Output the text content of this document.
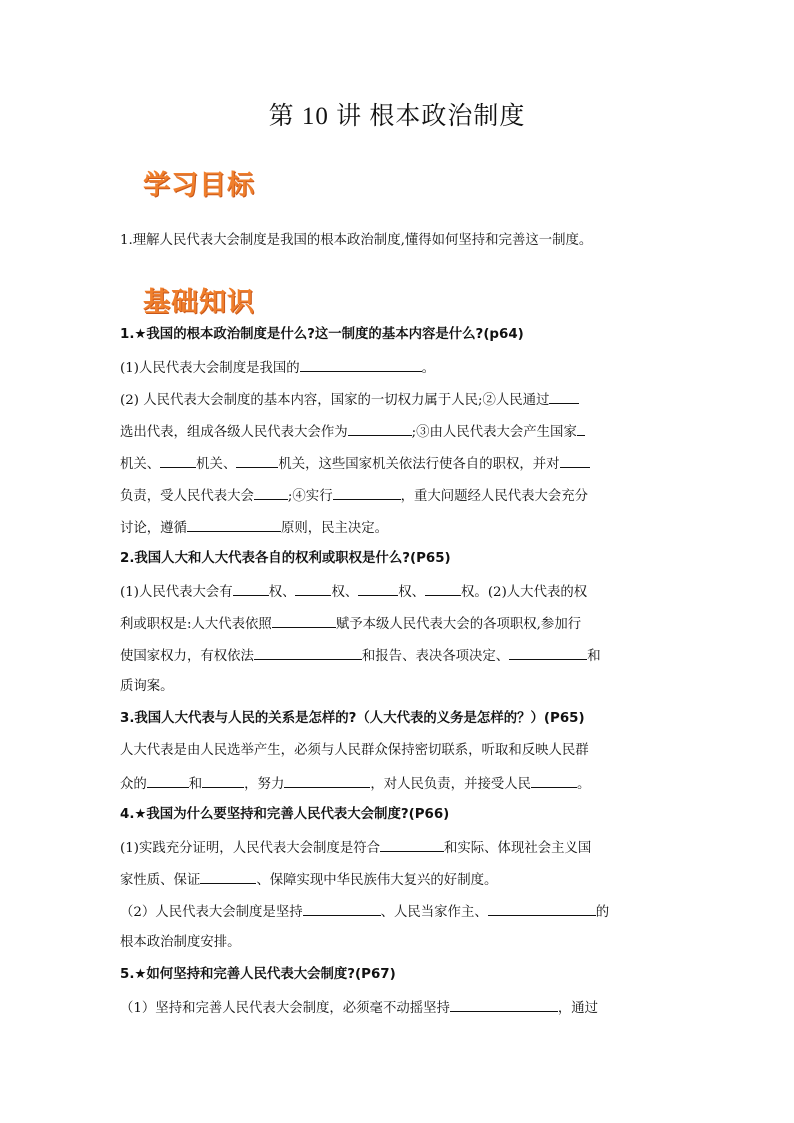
第 10 讲 根本政治制度
学习目标
1.理解人民代表大会制度是我国的根本政治制度,懂得如何坚持和完善这一制度。
基础知识
1.★我国的根本政治制度是什么?这一制度的基本内容是什么?(p64)
(1)人民代表大会制度是我国的	。
(2) 人民代表大会制度的基本内容，国家的一切权力属于人民;②人民通过
选出代表，组成各级人民代表大会作为	;③由人民代表大会产生国家
机关、	机关、	机关，这些国家机关依法行使各自的职权，并对
负责，受人民代表大会	;④实行	，重大问题经人民代表大会充分
讨论，遵循	原则，民主决定。
2.我国人大和人大代表各自的权利或职权是什么?(P65)
(1)人民代表大会有	权、	权、	权、	权。(2)人大代表的权
利或职权是:人大代表依照	赋予本级人民代表大会的各项职权,参加行
使国家权力，有权依法	和报告、表决各项决定、	和
质询案。
3.我国人大代表与人民的关系是怎样的?（人大代表的义务是怎样的？）(P65)
人大代表是由人民选举产生，必须与人民群众保持密切联系，听取和反映人民群
众的	和	，努力	，对人民负责，并接受人民	。
4.★我国为什么要坚持和完善人民代表大会制度?(P66)
(1)实践充分证明，人民代表大会制度是符合	和实际、体现社会主义国
家性质、保证	、保障实现中华民族伟大复兴的好制度。
（2）人民代表大会制度是坚持	、人民当家作主、	的
根本政治制度安排。
5.★如何坚持和完善人民代表大会制度?(P67)
（1）坚持和完善人民代表大会制度，必须毫不动摇坚持	，通过
